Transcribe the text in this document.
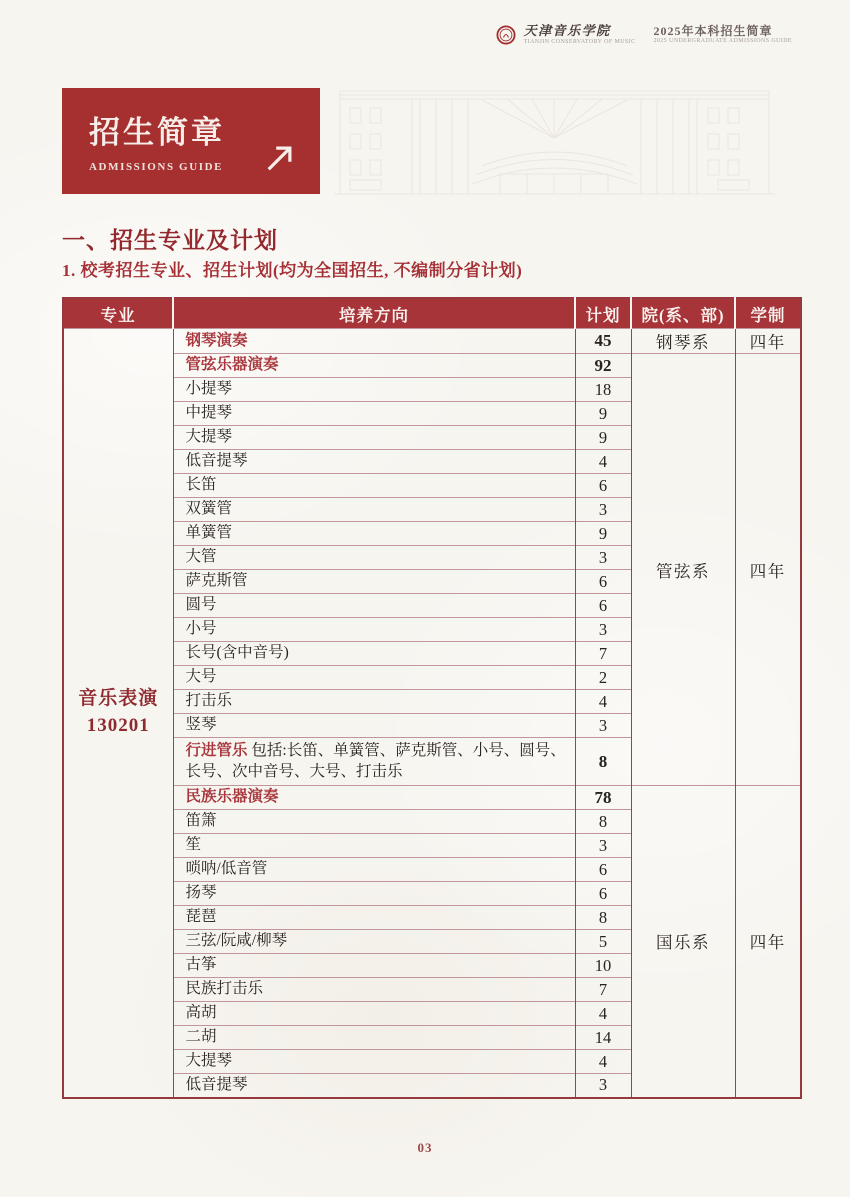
天津音乐学院
TIANJIN CONSERVATORY OF MUSIC
2025年本科招生简章
2025 UNDERGRADUATE ADMISSIONS GUIDE
招生简章
ADMISSIONS GUIDE
一、招生专业及计划
1. 校考招生专业、招生计划(均为全国招生, 不编制分省计划)
专业	培养方向	计划	院(系、部)	学制

音乐表演
130201	钢琴演奏	45	钢琴系	四年
	管弦乐器演奏	92	管弦系	四年
	小提琴	18		
	中提琴	9		
	大提琴	9		
	低音提琴	4		
	长笛	6		
	双簧管	3		
	单簧管	9		
	大管	3		
	萨克斯管	6		
	圆号	6		
	小号	3		
	长号(含中音号)	7		
	大号	2		
	打击乐	4		
	竖琴	3		
	行进管乐 包括:长笛、单簧管、萨克斯管、小号、圆号、长号、次中音号、大号、打击乐	8		
	民族乐器演奏	78	国乐系	四年
	笛箫	8		
	笙	3		
	唢呐/低音管	6		
	扬琴	6		
	琵琶	8		
	三弦/阮咸/柳琴	5		
	古筝	10		
	民族打击乐	7		
	高胡	4		
	二胡	14		
	大提琴	4		
	低音提琴	3		
03
